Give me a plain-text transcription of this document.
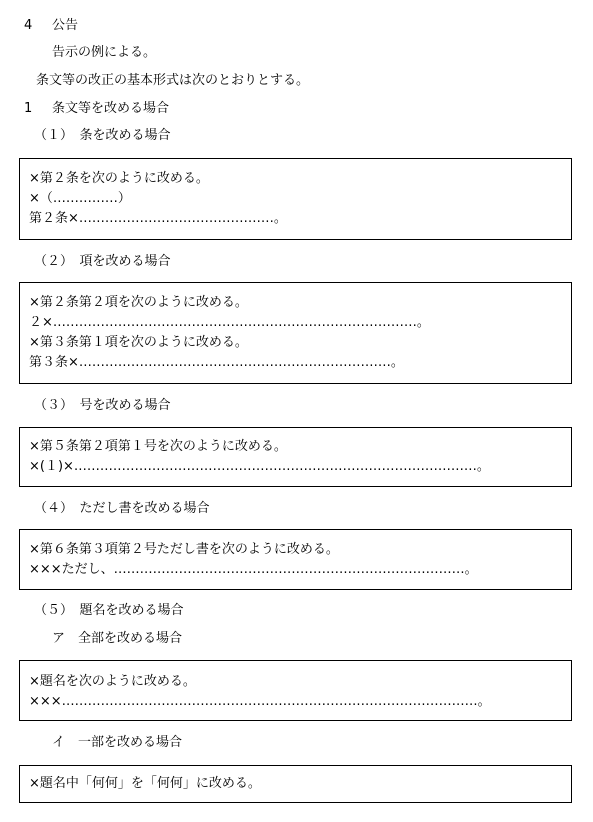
4 公告
告示の例による。
条文等の改正の基本形式は次のとおりとする。
1 条文等を改める場合
（１）　条を改める場合
×第２条を次のように改める。
×（……………）
第２条×………………………………………。
（２）　項を改める場合
×第２条第２項を次のように改める。
２×…………………………………………………………………………。
×第３条第１項を次のように改める。
第３条×………………………………………………………………。
（３）　号を改める場合
×第５条第２項第１号を次のように改める。
×(１)×…………………………………………………………………………………。
（４）　ただし書を改める場合
×第６条第３項第２号ただし書を次のように改める。
×××ただし、………………………………………………………………………。
（５）　題名を改める場合
ア　全部を改める場合
×題名を次のように改める。
×××……………………………………………………………………………………。
イ　一部を改める場合
×題名中「何何」を「何何」に改める。
